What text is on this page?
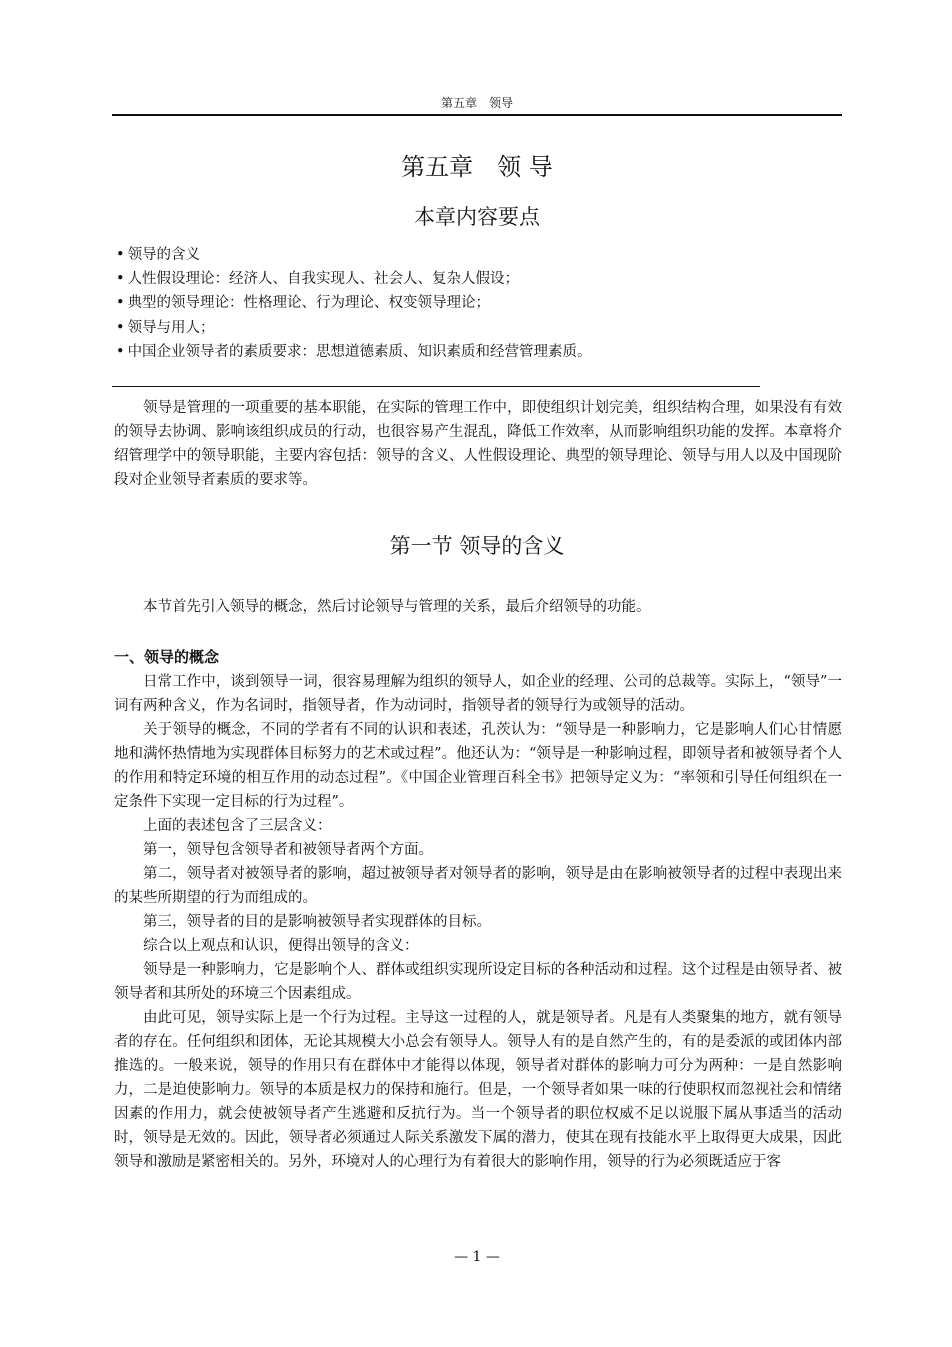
第五章　领导
第五章　领 导
本章内容要点
• 领导的含义
• 人性假设理论：经济人、自我实现人、社会人、复杂人假设；
• 典型的领导理论：性格理论、行为理论、权变领导理论；
• 领导与用人；
• 中国企业领导者的素质要求：思想道德素质、知识素质和经营管理素质。

领导是管理的一项重要的基本职能，在实际的管理工作中，即使组织计划完美，组织结构合理，如果没有有效的领导去协调、影响该组织成员的行动，也很容易产生混乱，降低工作效率，从而影响组织功能的发挥。本章将介绍管理学中的领导职能，主要内容包括：领导的含义、人性假设理论、典型的领导理论、领导与用人以及中国现阶段对企业领导者素质的要求等。

第一节 领导的含义

本节首先引入领导的概念，然后讨论领导与管理的关系，最后介绍领导的功能。

一、领导的概念

日常工作中，谈到领导一词，很容易理解为组织的领导人，如企业的经理、公司的总裁等。实际上，“领导”一词有两种含义，作为名词时，指领导者，作为动词时，指领导者的领导行为或领导的活动。

关于领导的概念，不同的学者有不同的认识和表述，孔茨认为：“领导是一种影响力，它是影响人们心甘情愿地和满怀热情地为实现群体目标努力的艺术或过程”。他还认为：“领导是一种影响过程，即领导者和被领导者个人的作用和特定环境的相互作用的动态过程”。《中国企业管理百科全书》把领导定义为：“率领和引导任何组织在一定条件下实现一定目标的行为过程”。

上面的表述包含了三层含义：

第一，领导包含领导者和被领导者两个方面。

第二，领导者对被领导者的影响，超过被领导者对领导者的影响，领导是由在影响被领导者的过程中表现出来的某些所期望的行为而组成的。

第三，领导者的目的是影响被领导者实现群体的目标。

综合以上观点和认识，便得出领导的含义：

领导是一种影响力，它是影响个人、群体或组织实现所设定目标的各种活动和过程。这个过程是由领导者、被领导者和其所处的环境三个因素组成。

由此可见，领导实际上是一个行为过程。主导这一过程的人，就是领导者。凡是有人类聚集的地方，就有领导者的存在。任何组织和团体，无论其规模大小总会有领导人。领导人有的是自然产生的，有的是委派的或团体内部推选的。一般来说，领导的作用只有在群体中才能得以体现，领导者对群体的影响力可分为两种：一是自然影响力，二是迫使影响力。领导的本质是权力的保持和施行。但是，一个领导者如果一味的行使职权而忽视社会和情绪因素的作用力，就会使被领导者产生逃避和反抗行为。当一个领导者的职位权威不足以说服下属从事适当的活动时，领导是无效的。因此，领导者必须通过人际关系激发下属的潜力，使其在现有技能水平上取得更大成果，因此领导和激励是紧密相关的。另外，环境对人的心理行为有着很大的影响作用，领导的行为必须既适应于客

— 1 —
